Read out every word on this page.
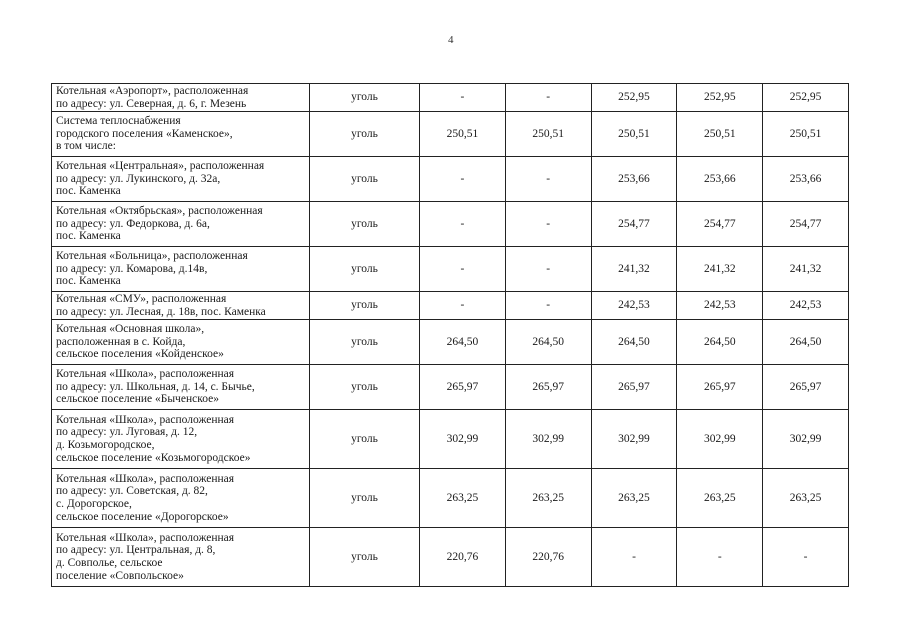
4
Котельная «Аэропорт», расположенная
по адресу: ул. Северная, д. 6, г. Мезень	уголь	-	-	252,95	252,95	252,95
Система теплоснабжения
городского поселения «Каменское»,
в том числе:	уголь	250,51	250,51	250,51	250,51	250,51
Котельная «Центральная», расположенная
по адресу: ул. Лукинского, д. 32а,
пос. Каменка	уголь	-	-	253,66	253,66	253,66
Котельная «Октябрьская», расположенная
по адресу: ул. Федоркова, д. 6а,
пос. Каменка	уголь	-	-	254,77	254,77	254,77
Котельная «Больница», расположенная
по адресу: ул. Комарова, д.14в,
пос. Каменка	уголь	-	-	241,32	241,32	241,32
Котельная «СМУ», расположенная
по адресу: ул. Лесная, д. 18в, пос. Каменка	уголь	-	-	242,53	242,53	242,53
Котельная «Основная школа»,
расположенная в с. Койда,
сельское поселения «Койденское»	уголь	264,50	264,50	264,50	264,50	264,50
Котельная «Школа», расположенная
по адресу: ул. Школьная, д. 14, с. Бычье,
сельское поселение «Быченское»	уголь	265,97	265,97	265,97	265,97	265,97
Котельная «Школа», расположенная
по адресу: ул. Луговая, д. 12,
д. Козьмогородское,
сельское поселение «Козьмогородское»	уголь	302,99	302,99	302,99	302,99	302,99
Котельная «Школа», расположенная
по адресу: ул. Советская, д. 82,
с. Дорогорское,
сельское поселение «Дорогорское»	уголь	263,25	263,25	263,25	263,25	263,25
Котельная «Школа», расположенная
по адресу: ул. Центральная, д. 8,
д. Совполье, сельское
поселение «Совпольское»	уголь	220,76	220,76	-	-	-
